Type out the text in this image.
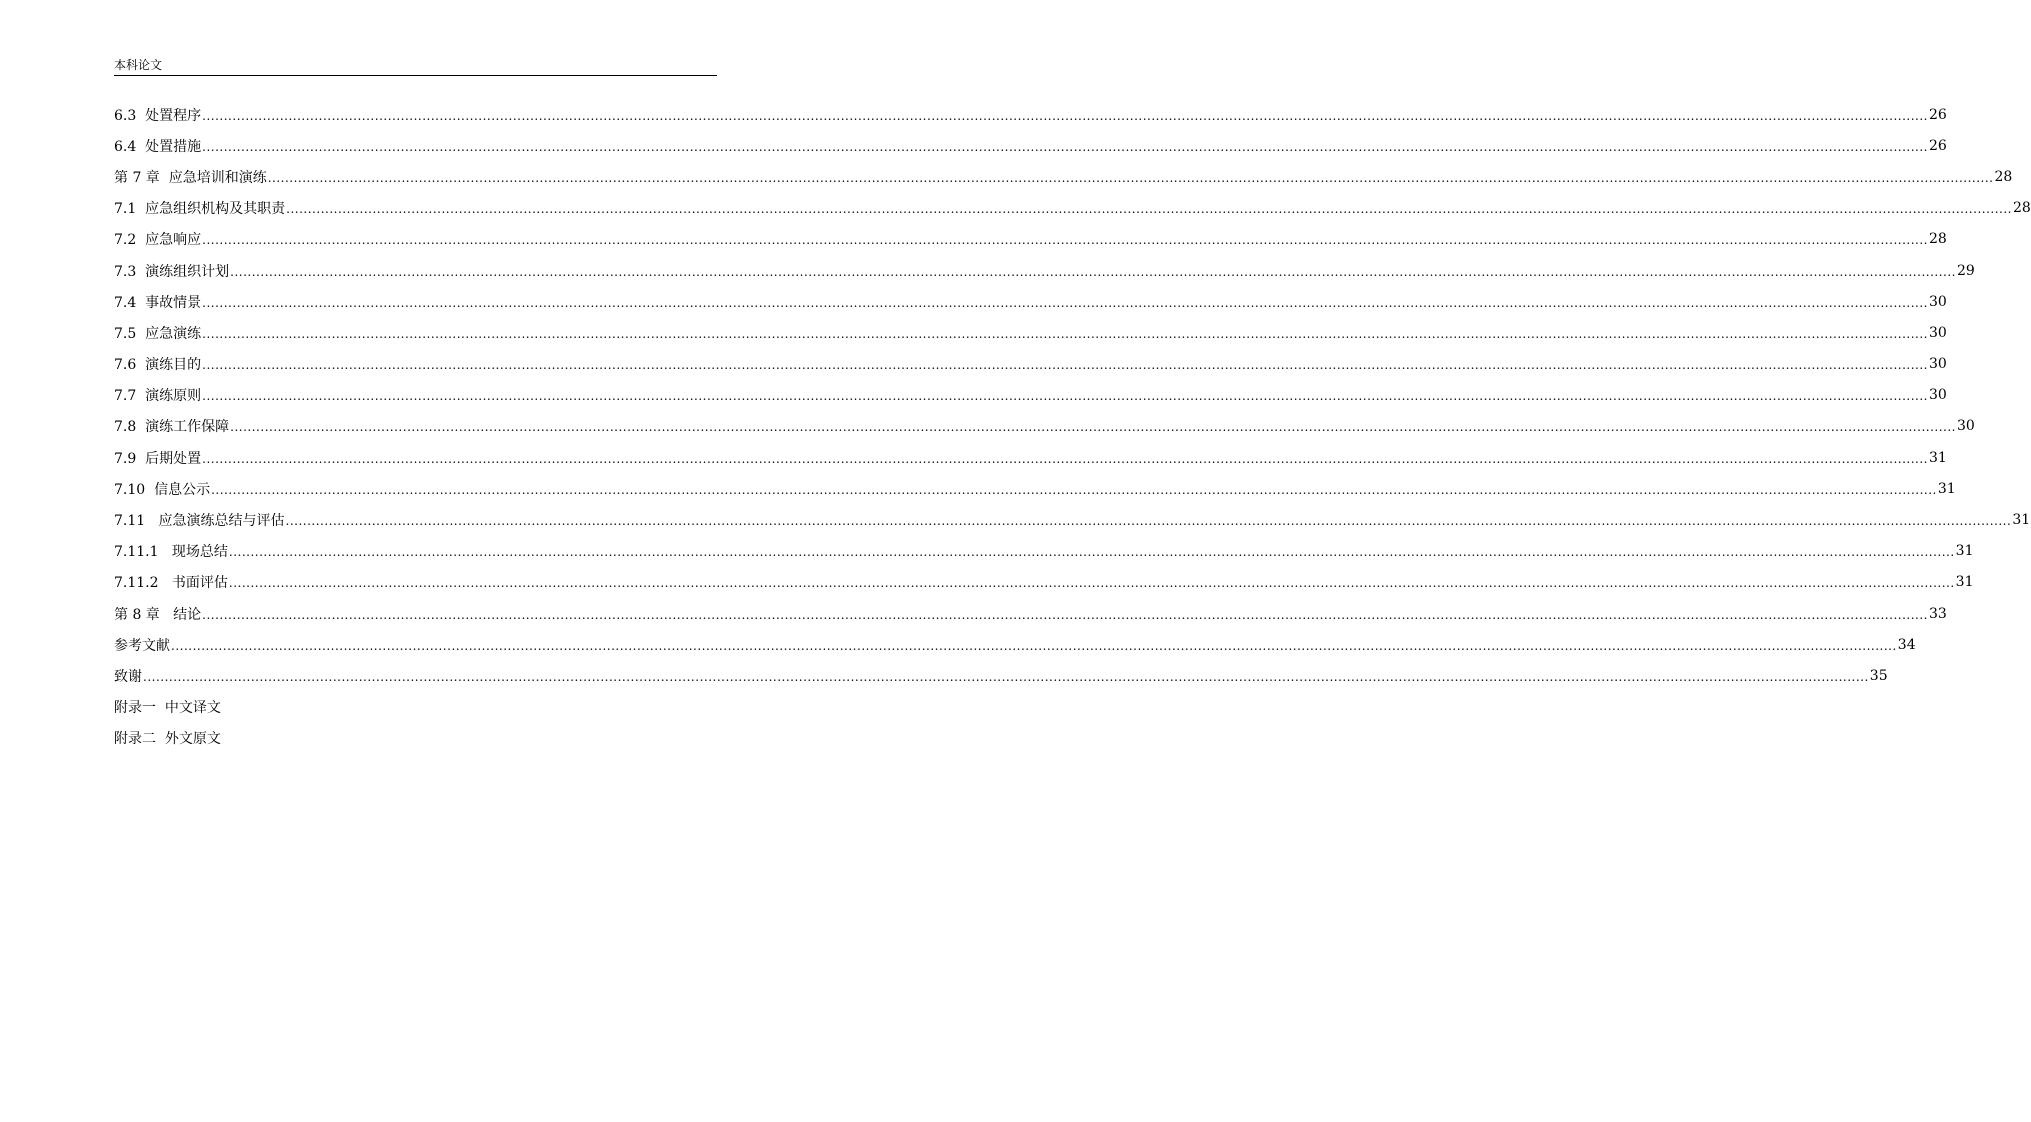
本科论文
6.3  处置程序 ................................................................................................................................................................................................................................................................................................................................................................................................................ 26
6.4  处置措施 ................................................................................................................................................................................................................................................................................................................................................................................................................ 26
第 7 章  应急培训和演练 ................................................................................................................................................................................................................................................................................................................................................................................................................ 28
7.1  应急组织机构及其职责 ................................................................................................................................................................................................................................................................................................................................................................................................................ 28
7.2  应急响应 ................................................................................................................................................................................................................................................................................................................................................................................................................ 28
7.3  演练组织计划 ................................................................................................................................................................................................................................................................................................................................................................................................................ 29
7.4  事故情景 ................................................................................................................................................................................................................................................................................................................................................................................................................ 30
7.5  应急演练 ................................................................................................................................................................................................................................................................................................................................................................................................................ 30
7.6  演练目的 ................................................................................................................................................................................................................................................................................................................................................................................................................ 30
7.7  演练原则 ................................................................................................................................................................................................................................................................................................................................................................................................................ 30
7.8  演练工作保障 ................................................................................................................................................................................................................................................................................................................................................................................................................ 30
7.9  后期处置 ................................................................................................................................................................................................................................................................................................................................................................................................................ 31
7.10  信息公示 ................................................................................................................................................................................................................................................................................................................................................................................................................ 31
7.11   应急演练总结与评估 ................................................................................................................................................................................................................................................................................................................................................................................................................ 31
7.11.1   现场总结 ................................................................................................................................................................................................................................................................................................................................................................................................................ 31
7.11.2   书面评估 ................................................................................................................................................................................................................................................................................................................................................................................................................ 31
第 8 章   结论 ................................................................................................................................................................................................................................................................................................................................................................................................................ 33
参考文献 ................................................................................................................................................................................................................................................................................................................................................................................................................ 34
致谢 ................................................................................................................................................................................................................................................................................................................................................................................................................ 35
附录一  中文译文
附录二  外文原文
